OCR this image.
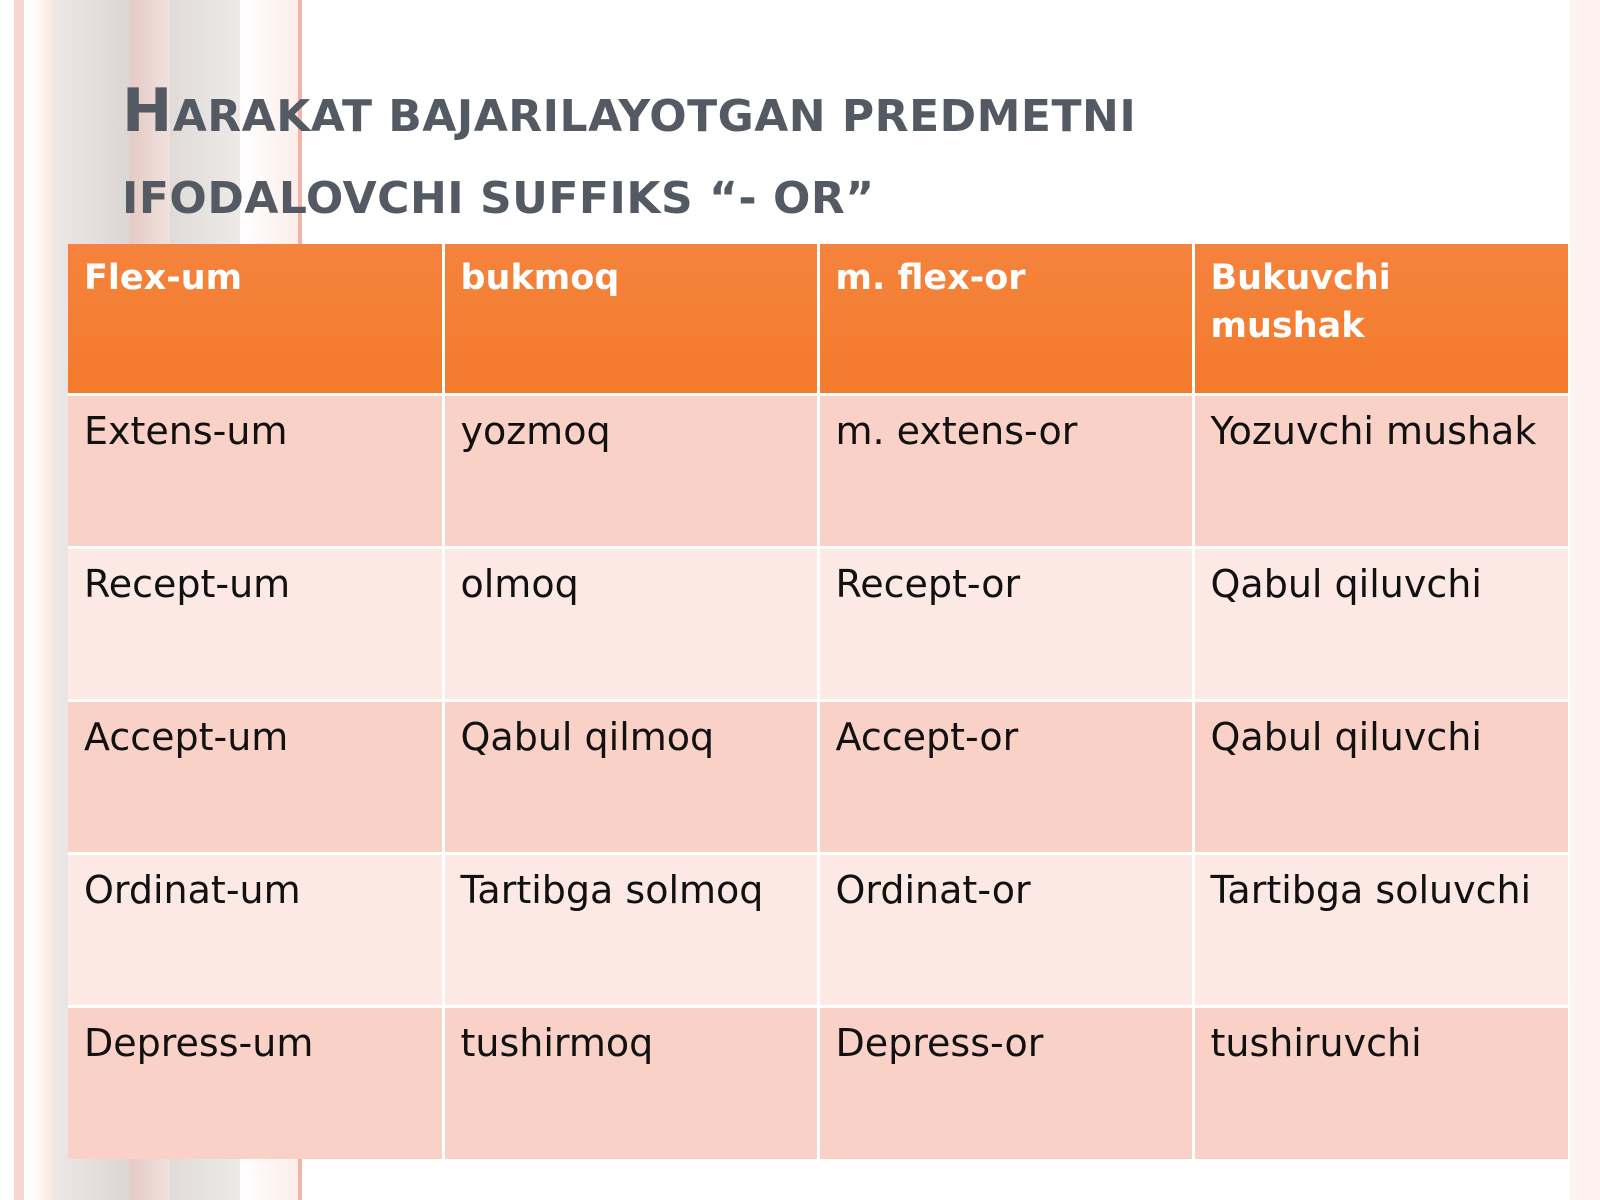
HARAKAT BAJARILAYOTGAN PREDMETNI
IFODALOVCHI SUFFIKS “- OR”
Flex-um	bukmoq	m. flex-or	Bukuvchi mushak
Extens-um	yozmoq	m. extens-or	Yozuvchi mushak
Recept-um	olmoq	Recept-or	Qabul qiluvchi
Accept-um	Qabul qilmoq	Accept-or	Qabul qiluvchi
Ordinat-um	Tartibga solmoq	Ordinat-or	Tartibga soluvchi
Depress-um	tushirmoq	Depress-or	tushiruvchi
